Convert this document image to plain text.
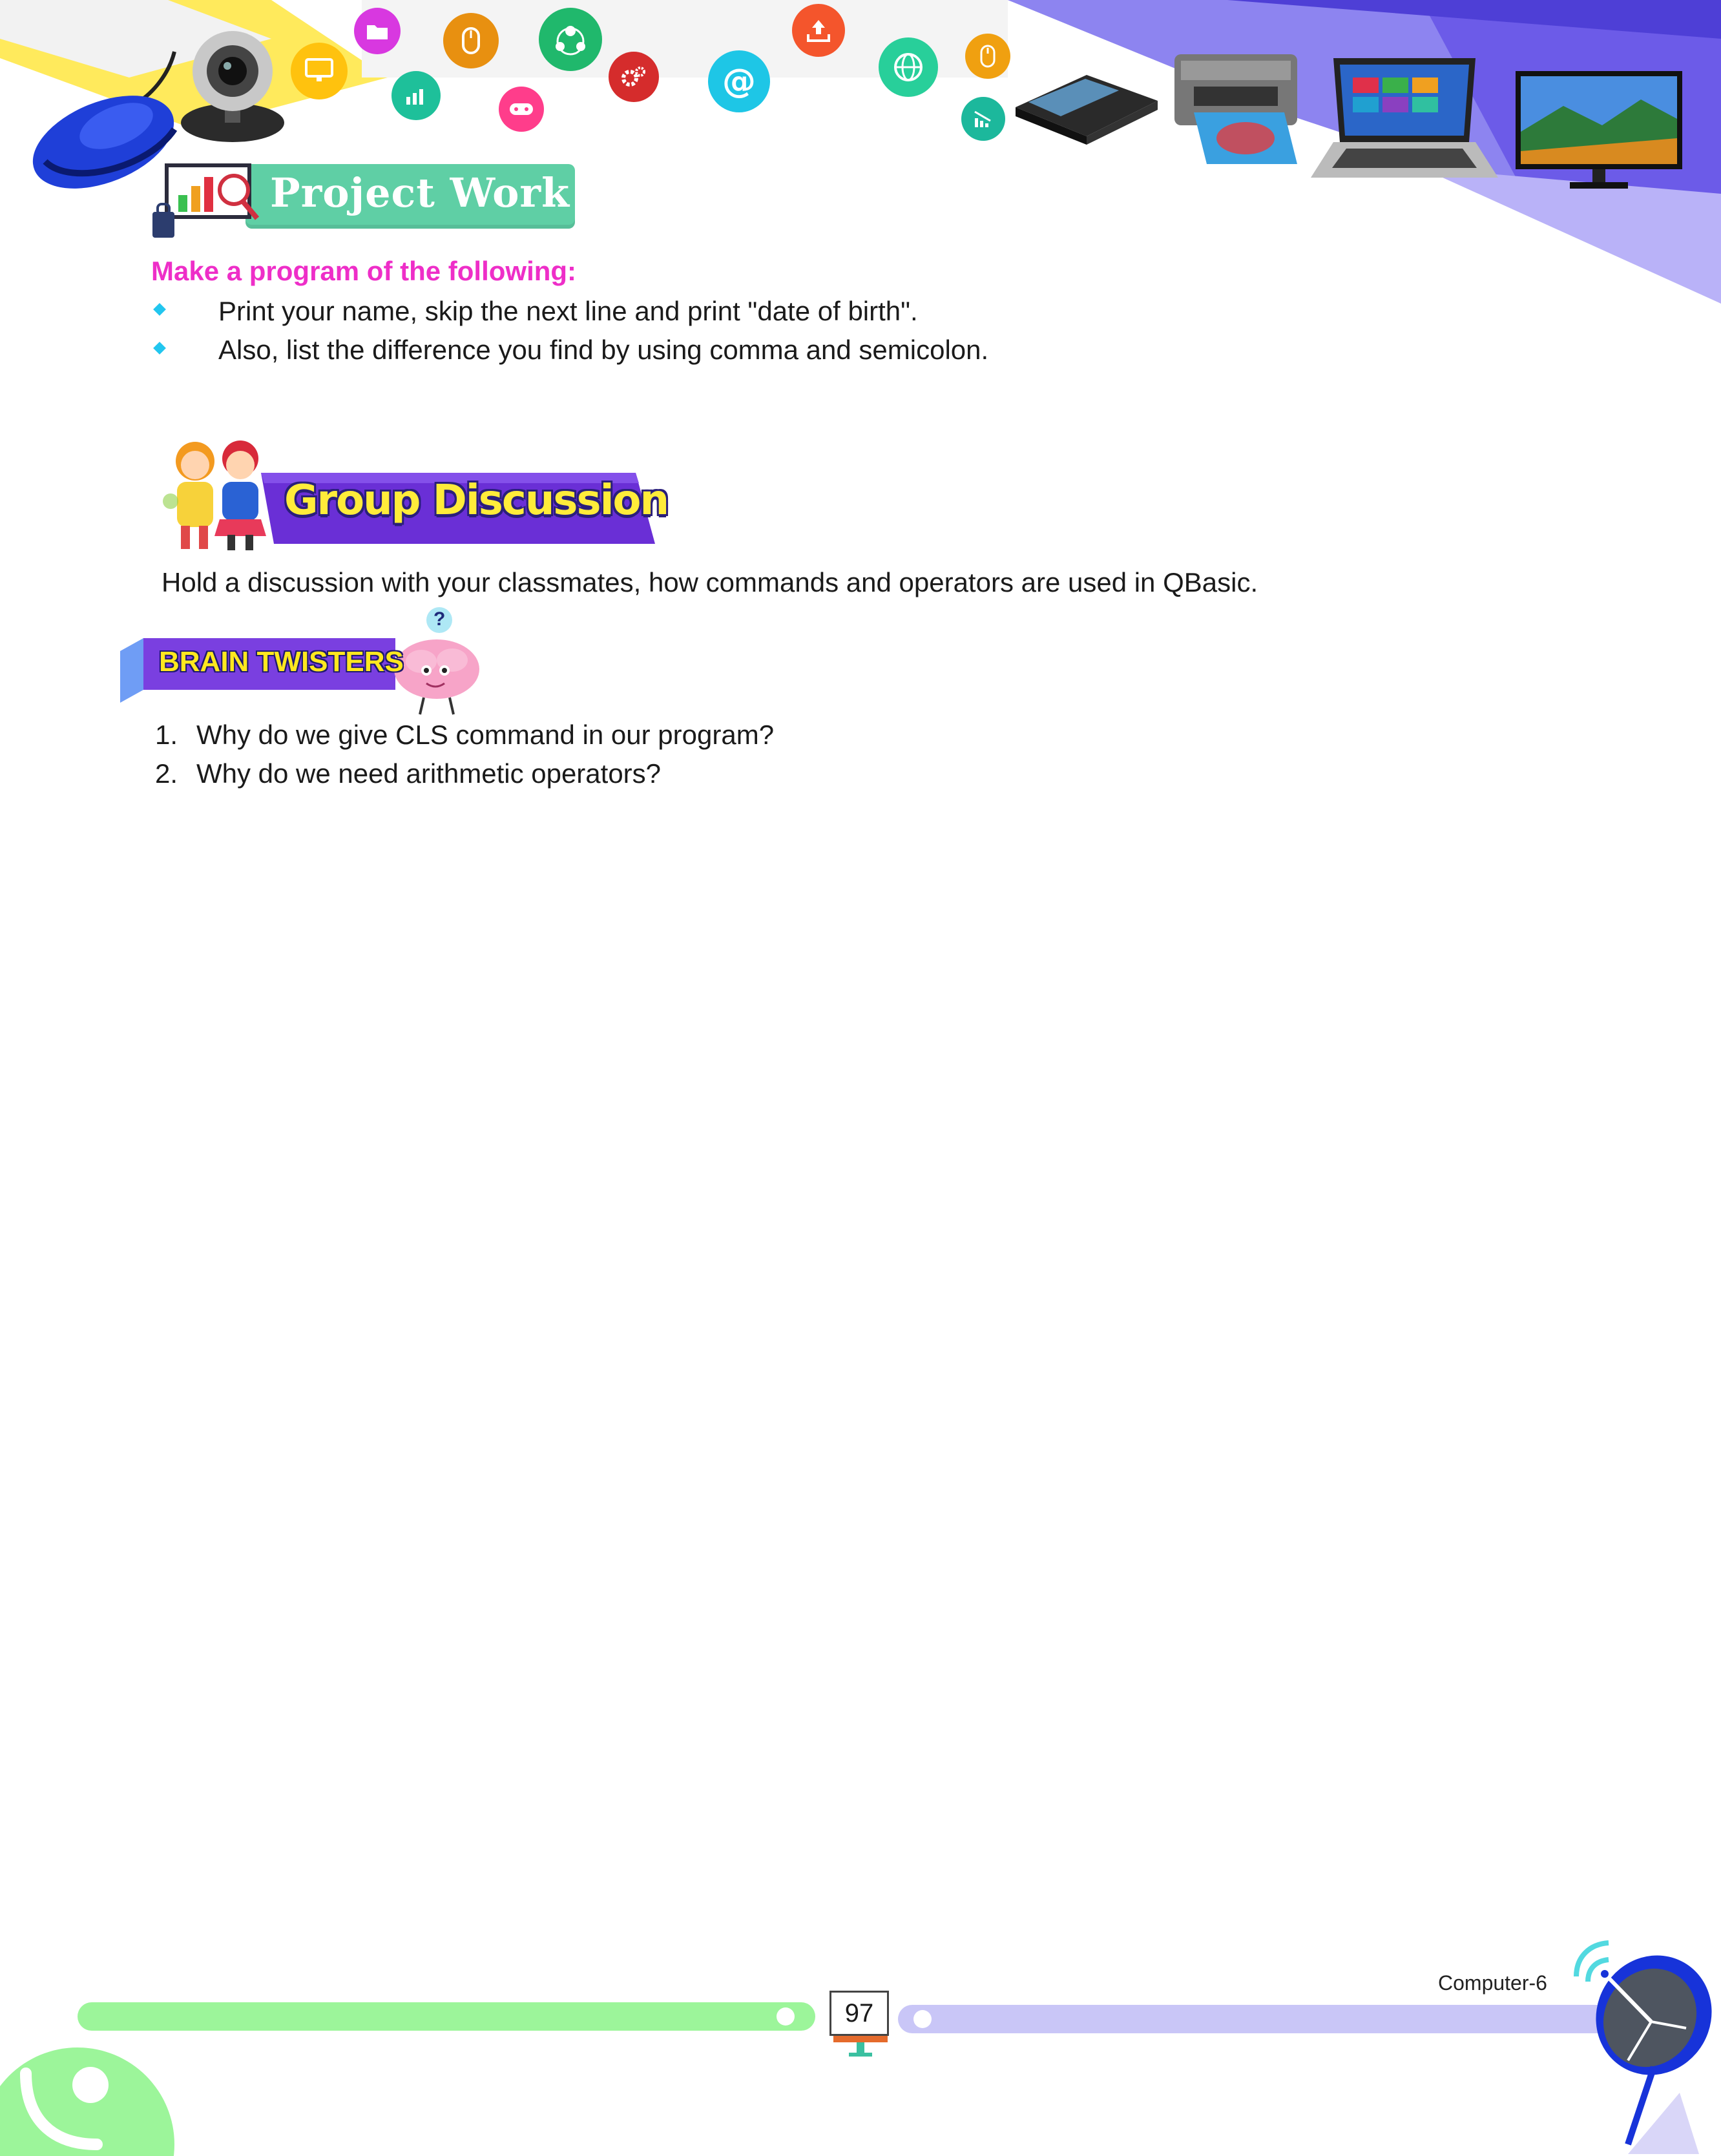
@
Project Work
Make a program of the following:
Print your name, skip the next line and print "date of birth".
Also, list the difference you find by using comma and semicolon.
Group Discussion
Hold a discussion with your classmates, how commands and operators are used in QBasic.
?
BRAIN TWISTERS
1. Why do we give CLS command in our program?
2. Why do we need arithmetic operators?
Computer-6
97
